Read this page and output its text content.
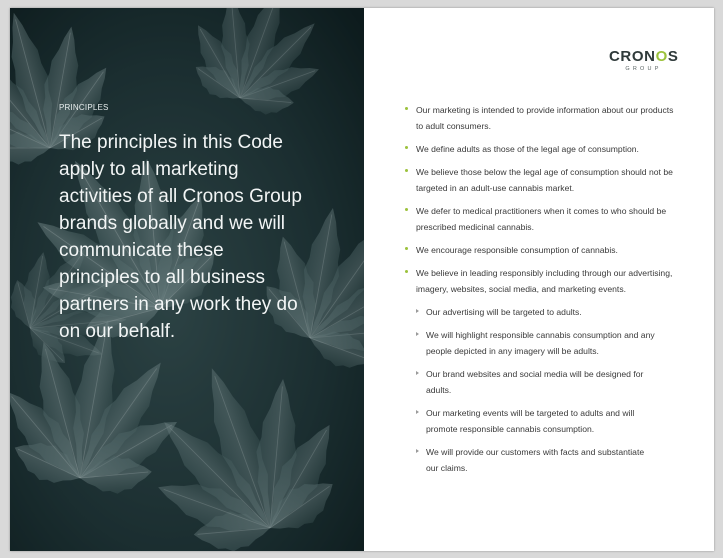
PRINCIPLES

The principles in this Code apply to all marketing activities of all Cronos Group brands globally and we will communicate these principles to all business partners in any work they do on our behalf.

CRONOS
GROUP
Our marketing is intended to provide information about our products to adult consumers.
We define adults as those of the legal age of consumption.
We believe those below the legal age of consumption should not be targeted in an adult-use cannabis market.
We defer to medical practitioners when it comes to who should be prescribed medicinal cannabis.
We encourage responsible consumption of cannabis.
We believe in leading responsibly including through our advertising, imagery, websites, social media, and marketing events.
Our advertising will be targeted to adults.
We will highlight responsible cannabis consumption and any people depicted in any imagery will be adults.
Our brand websites and social media will be designed for adults.
Our marketing events will be targeted to adults and will promote responsible cannabis consumption.
We will provide our customers with facts and substantiate our claims.
